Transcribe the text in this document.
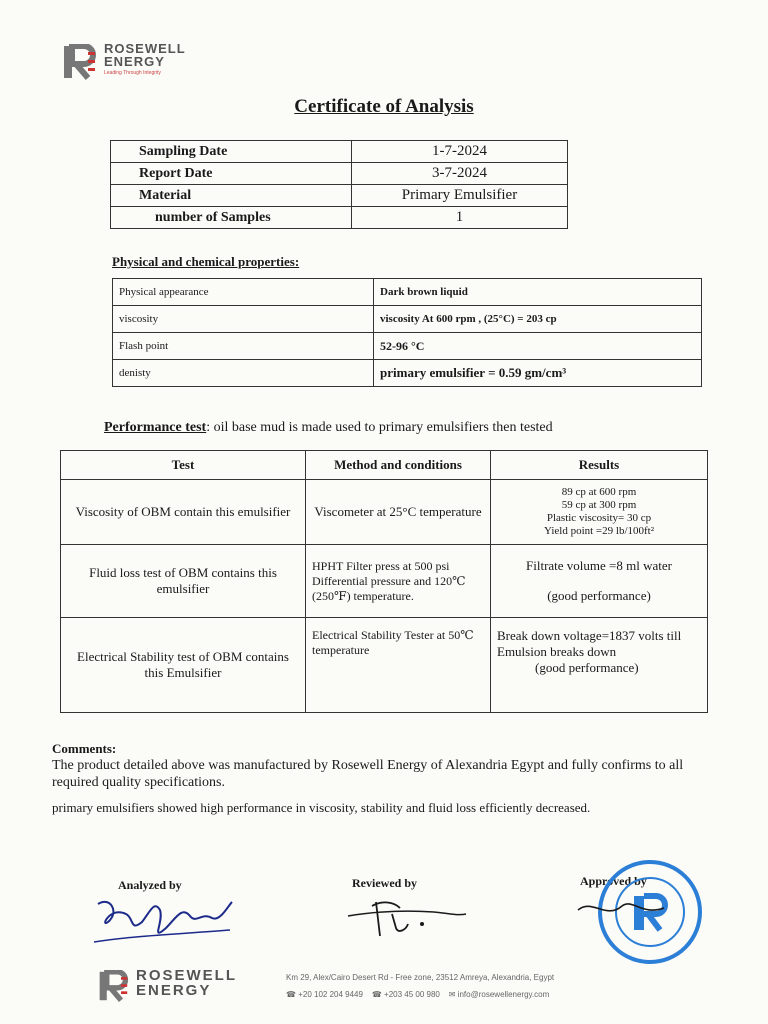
ROSEWELL
ENERGY
Leading Through Integrity
Certificate of Analysis
Sampling Date	1-7-2024
Report Date	3-7-2024
Material	Primary Emulsifier
number of Samples	1
Physical and chemical properties:
Physical appearance	Dark brown liquid
viscosity	viscosity At 600 rpm , (25°C) = 203 cp
Flash point	52-96 °C
denisty	primary emulsifier = 0.59 gm/cm³
Performance test: oil base mud is made used to primary emulsifiers then tested
Test	Method and conditions	Results
Viscosity of OBM contain this emulsifier	Viscometer at 25°C temperature	89 cp at 600 rpm
59 cp at 300 rpm
Plastic viscosity= 30 cp
Yield point =29 lb/100ft²

Fluid loss test of OBM contains this emulsifier	HPHT Filter press at 500 psi Differential pressure and 120℃ (250℉) temperature.	Filtrate volume =8 ml water
(good performance)

Electrical Stability test of OBM contains this Emulsifier	Electrical Stability Tester at 50℃ temperature	Break down voltage=1837 volts till Emulsion breaks down
(good performance)
Comments:
The product detailed above was manufactured by Rosewell Energy of Alexandria Egypt and fully confirms to all required quality specifications.
primary emulsifiers showed high performance in viscosity, stability and fluid loss efficiently decreased.
Analyzed by	Reviewed by	Approved by
ROSEWELL
ENERGY
Km 29, Alex/Cairo Desert Rd - Free zone, 23512 Amreya, Alexandria, Egypt
☎ +20 102 204 9449 ☎ +203 45 00 980 ✉ info@rosewellenergy.com
